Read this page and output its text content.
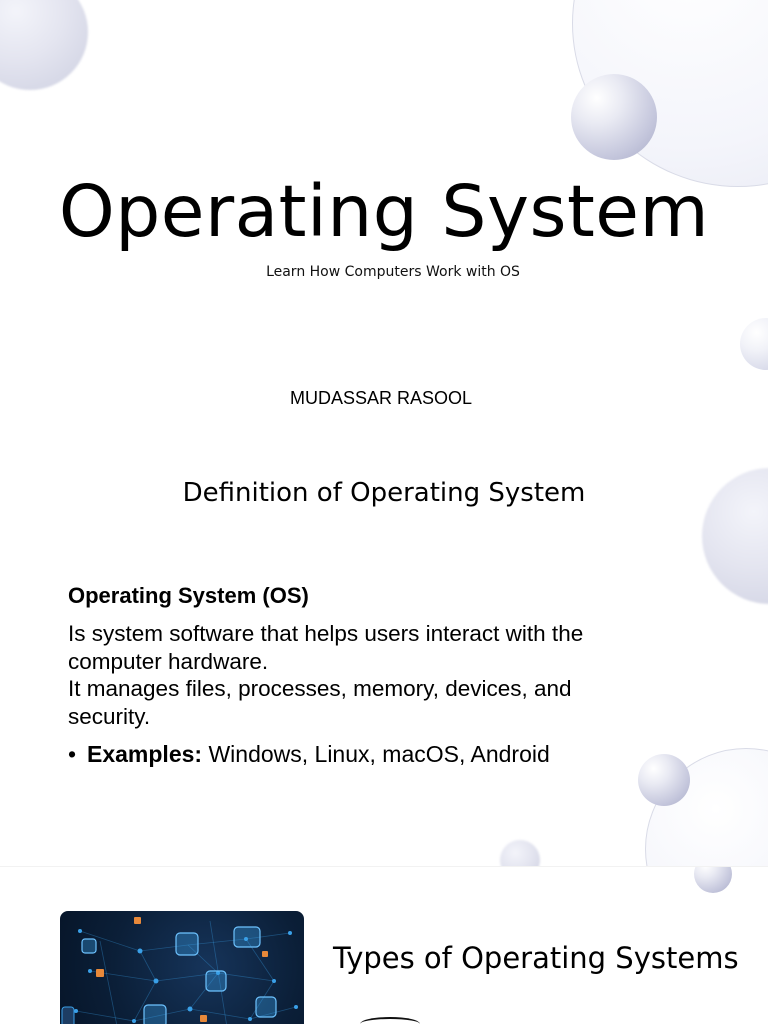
Operating System
Learn How Computers Work with OS
MUDASSAR RASOOL
Definition of Operating System
Operating System (OS)

Is system software that helps users interact with the

computer hardware.

It manages files, processes, memory, devices, and

security.

• Examples: Windows, Linux, macOS, Android
Types of Operating Systems
